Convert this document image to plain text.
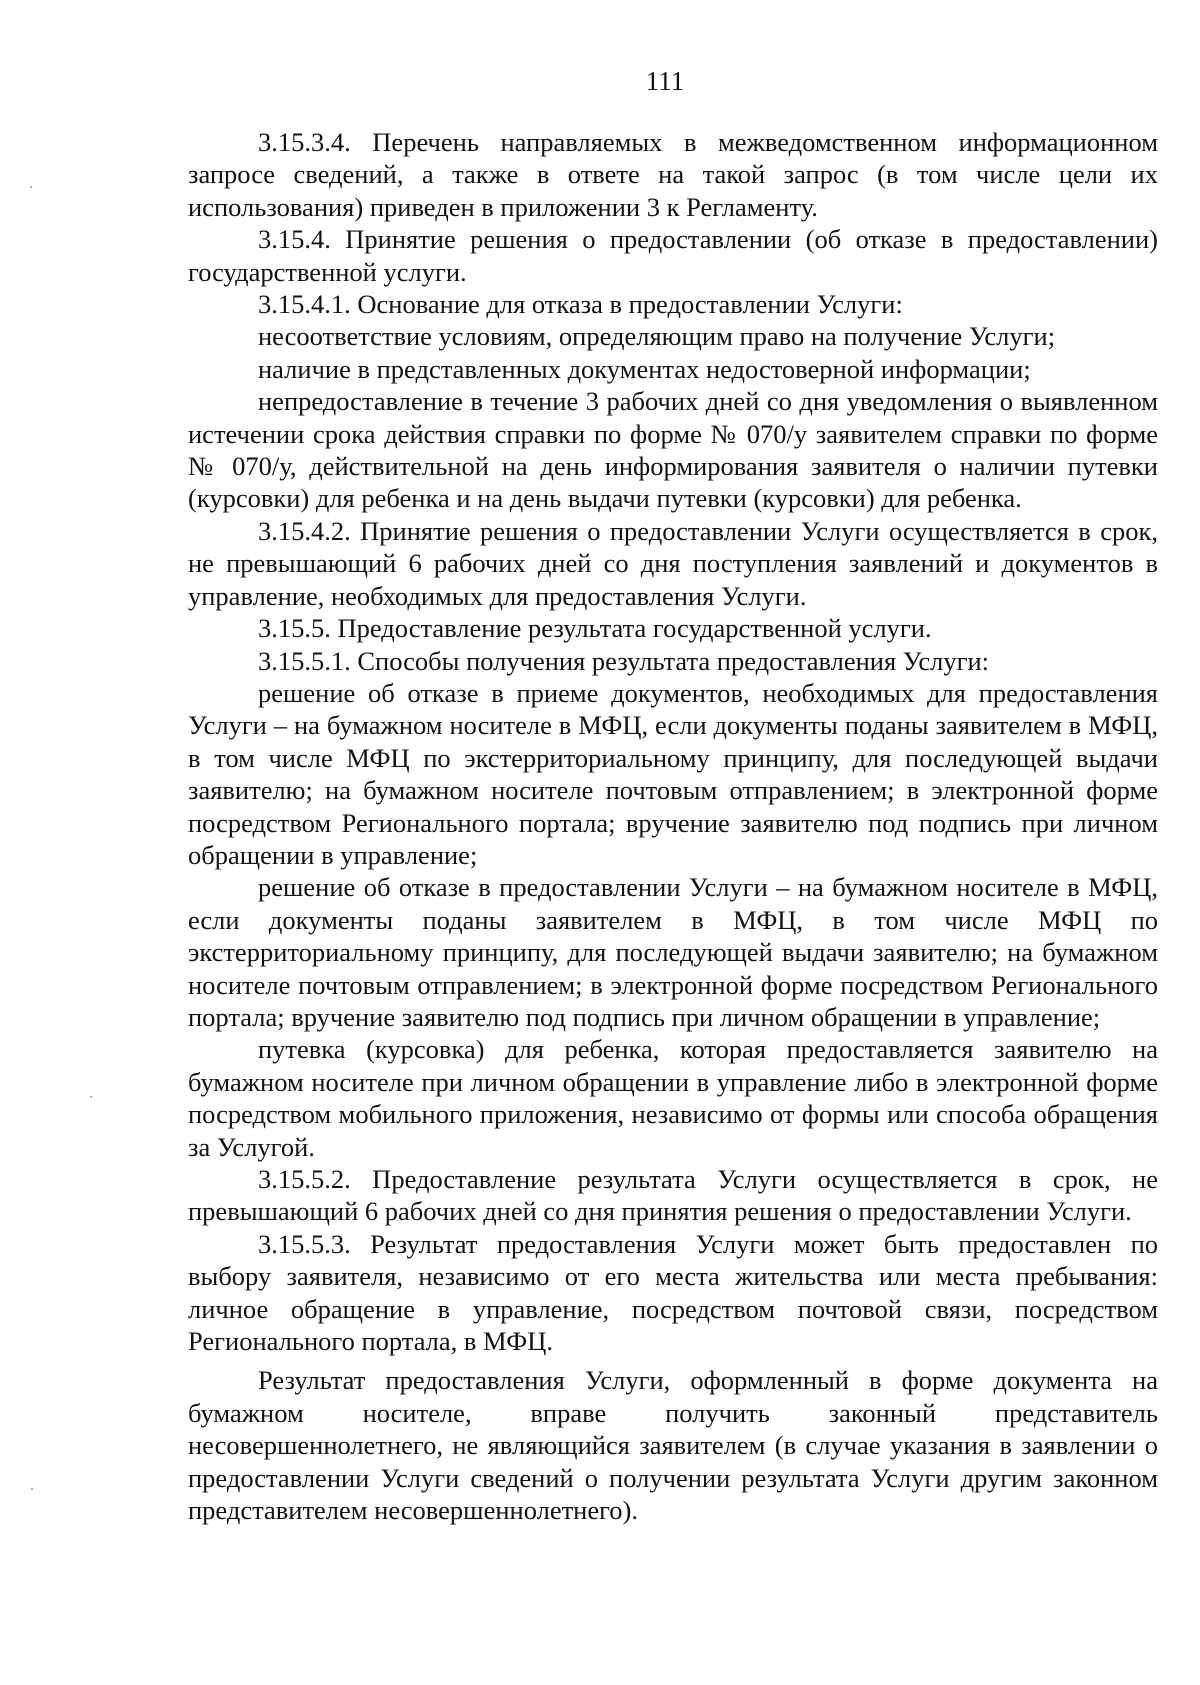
111

3.15.3.4. Перечень направляемых в межведомственном информационном запросе сведений, а также в ответе на такой запрос (в том числе цели их использования) приведен в приложении 3 к Регламенту.

3.15.4. Принятие решения о предоставлении (об отказе в предоставлении) государственной услуги.

3.15.4.1. Основание для отказа в предоставлении Услуги:

несоответствие условиям, определяющим право на получение Услуги;

наличие в представленных документах недостоверной информации;

непредоставление в течение 3 рабочих дней со дня уведомления о выявленном истечении срока действия справки по форме № 070/у заявителем справки по форме № 070/у, действительной на день информирования заявителя о наличии путевки (курсовки) для ребенка и на день выдачи путевки (курсовки) для ребенка.

3.15.4.2. Принятие решения о предоставлении Услуги осуществляется в срок, не превышающий 6 рабочих дней со дня поступления заявлений и документов в управление, необходимых для предоставления Услуги.

3.15.5. Предоставление результата государственной услуги.

3.15.5.1. Способы получения результата предоставления Услуги:

решение об отказе в приеме документов, необходимых для предоставления Услуги – на бумажном носителе в МФЦ, если документы поданы заявителем в МФЦ, в том числе МФЦ по экстерриториальному принципу, для последующей выдачи заявителю; на бумажном носителе почтовым отправлением; в электронной форме посредством Регионального портала; вручение заявителю под подпись при личном обращении в управление;

решение об отказе в предоставлении Услуги – на бумажном носителе в МФЦ, если документы поданы заявителем в МФЦ, в том числе МФЦ по экстерриториальному принципу, для последующей выдачи заявителю; на бумажном носителе почтовым отправлением; в электронной форме посредством Регионального портала; вручение заявителю под подпись при личном обращении в управление;

путевка (курсовка) для ребенка, которая предоставляется заявителю на бумажном носителе при личном обращении в управление либо в электронной форме посредством мобильного приложения, независимо от формы или способа обращения за Услугой.

3.15.5.2. Предоставление результата Услуги осуществляется в срок, не превышающий 6 рабочих дней со дня принятия решения о предоставлении Услуги.

3.15.5.3. Результат предоставления Услуги может быть предоставлен по выбору заявителя, независимо от его места жительства или места пребывания: личное обращение в управление, посредством почтовой связи, посредством Регионального портала, в МФЦ.

Результат предоставления Услуги, оформленный в форме документа на бумажном носителе, вправе получить законный представитель несовершеннолетнего, не являющийся заявителем (в случае указания в заявлении о предоставлении Услуги сведений о получении результата Услуги другим законном представителем несовершеннолетнего).
